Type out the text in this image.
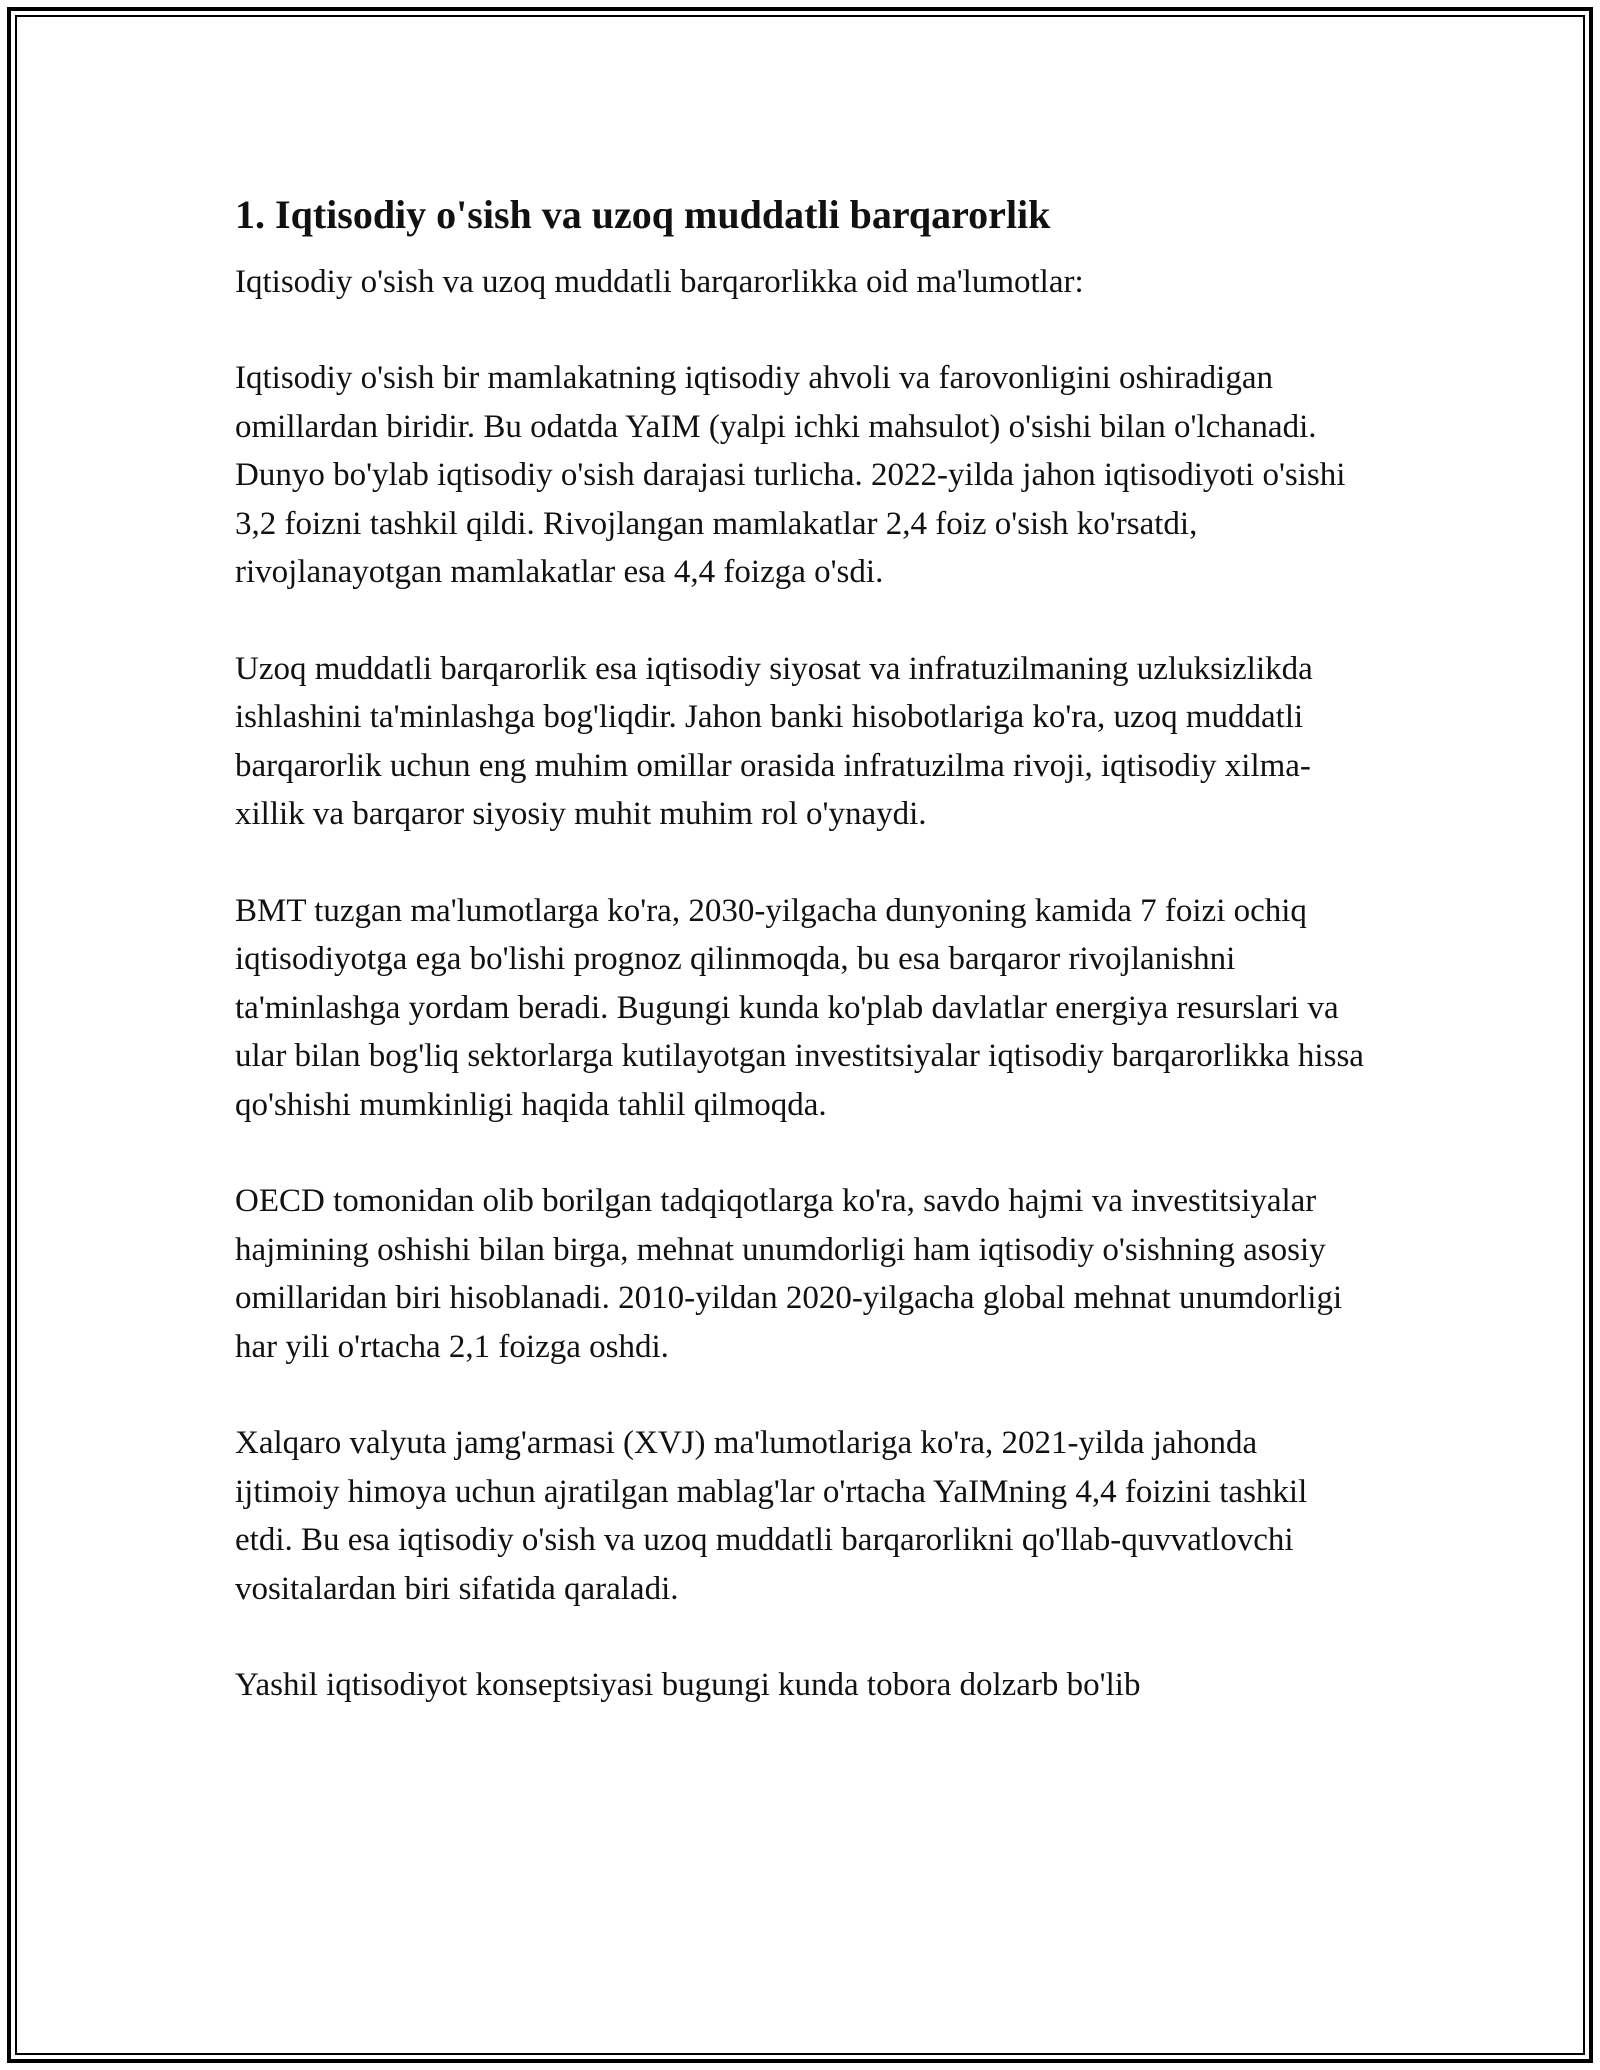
1. Iqtisodiy o'sish va uzoq muddatli barqarorlik

Iqtisodiy o'sish va uzoq muddatli barqarorlikka oid ma'lumotlar:

Iqtisodiy o'sish bir mamlakatning iqtisodiy ahvoli va farovonligini oshiradigan omillardan biridir. Bu odatda YaIM (yalpi ichki mahsulot) o'sishi bilan o'lchanadi. Dunyo bo'ylab iqtisodiy o'sish darajasi turlicha. 2022-yilda jahon iqtisodiyoti o'sishi 3,2 foizni tashkil qildi. Rivojlangan mamlakatlar 2,4 foiz o'sish ko'rsatdi, rivojlanayotgan mamlakatlar esa 4,4 foizga o'sdi.

Uzoq muddatli barqarorlik esa iqtisodiy siyosat va infratuzilmaning uzluksizlikda ishlashini ta'minlashga bog'liqdir. Jahon banki hisobotlariga ko'ra, uzoq muddatli barqarorlik uchun eng muhim omillar orasida infratuzilma rivoji, iqtisodiy xilma-xillik va barqaror siyosiy muhit muhim rol o'ynaydi.

BMT tuzgan ma'lumotlarga ko'ra, 2030-yilgacha dunyoning kamida 7 foizi ochiq iqtisodiyotga ega bo'lishi prognoz qilinmoqda, bu esa barqaror rivojlanishni ta'minlashga yordam beradi. Bugungi kunda ko'plab davlatlar energiya resurslari va ular bilan bog'liq sektorlarga kutilayotgan investitsiyalar iqtisodiy barqarorlikka hissa qo'shishi mumkinligi haqida tahlil qilmoqda.

OECD tomonidan olib borilgan tadqiqotlarga ko'ra, savdo hajmi va investitsiyalar hajmining oshishi bilan birga, mehnat unumdorligi ham iqtisodiy o'sishning asosiy omillaridan biri hisoblanadi. 2010-yildan 2020-yilgacha global mehnat unumdorligi har yili o'rtacha 2,1 foizga oshdi.

Xalqaro valyuta jamg'armasi (XVJ) ma'lumotlariga ko'ra, 2021-yilda jahonda ijtimoiy himoya uchun ajratilgan mablag'lar o'rtacha YaIMning 4,4 foizini tashkil etdi. Bu esa iqtisodiy o'sish va uzoq muddatli barqarorlikni qo'llab-quvvatlovchi vositalardan biri sifatida qaraladi.

Yashil iqtisodiyot konseptsiyasi bugungi kunda tobora dolzarb bo'lib
